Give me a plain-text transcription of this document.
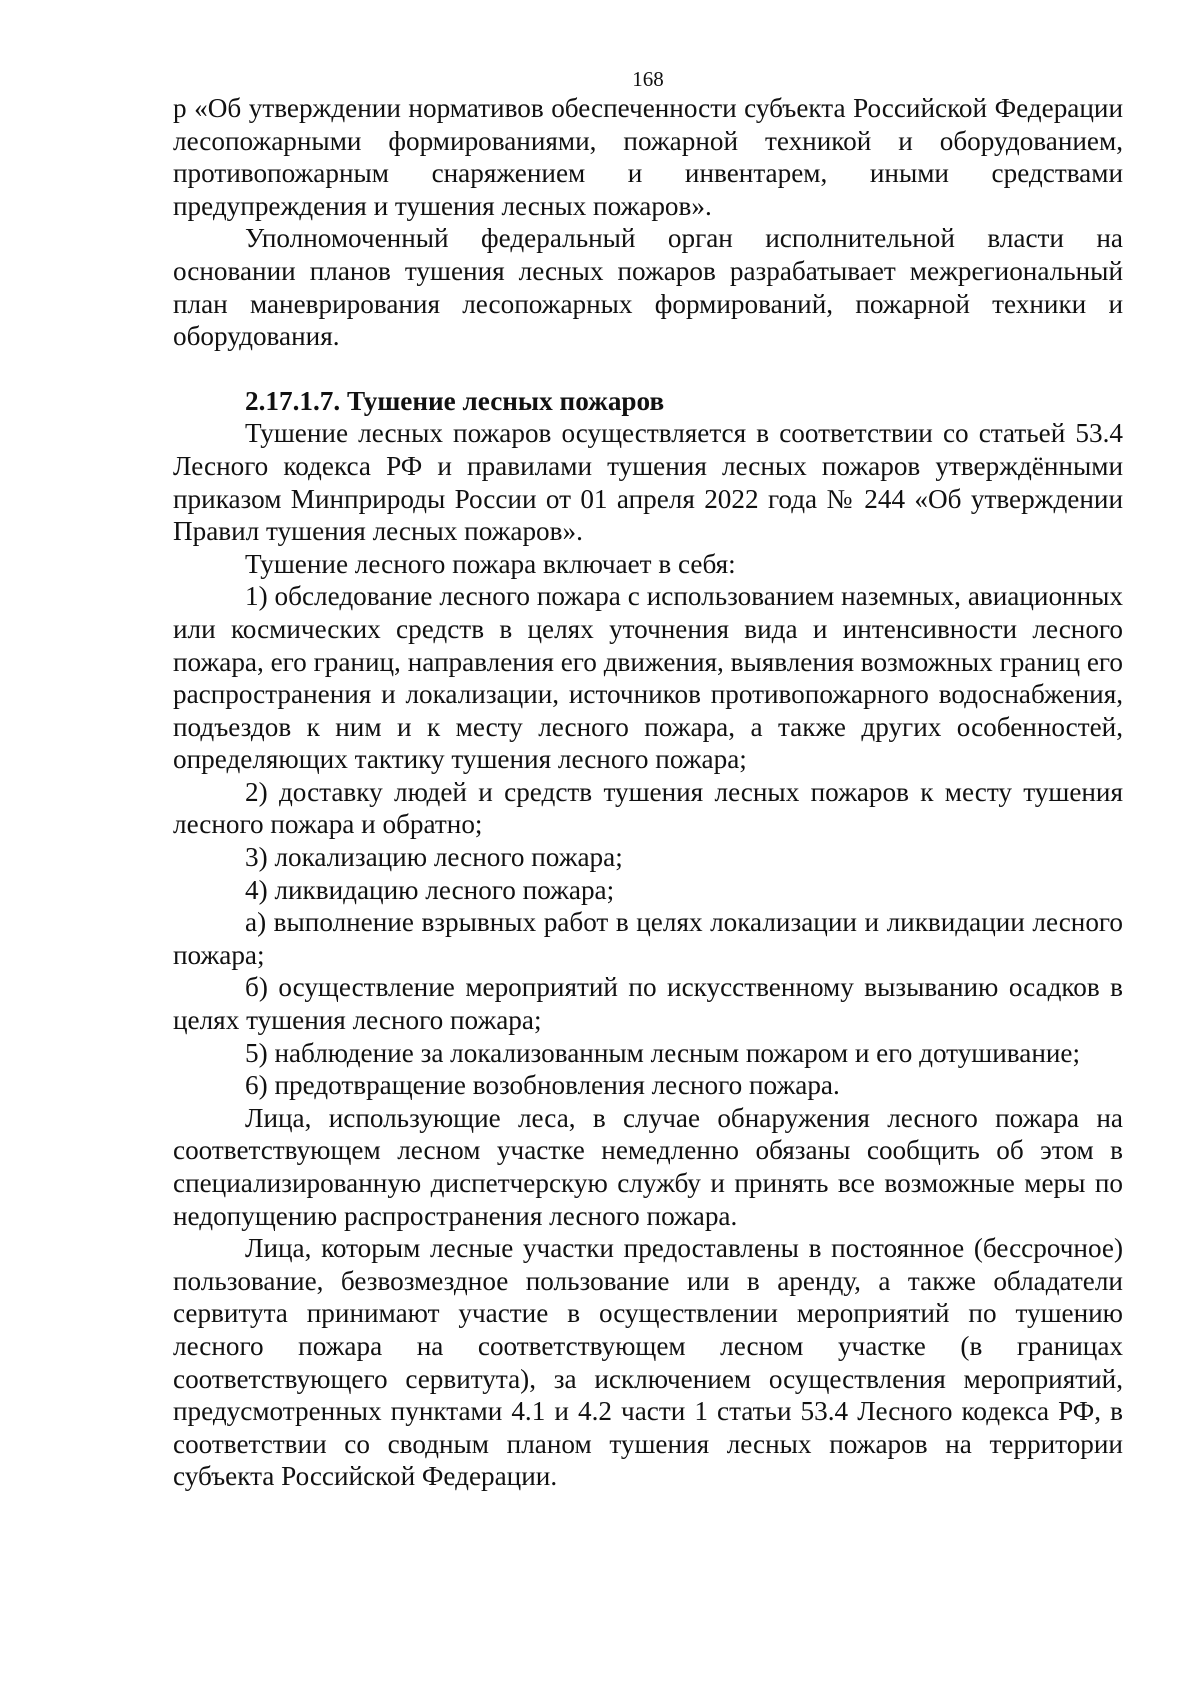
168

р «Об утверждении нормативов обеспеченности субъекта Российской Федерации лесопожарными формированиями, пожарной техникой и оборудованием, противопожарным снаряжением и инвентарем, иными средствами предупреждения и тушения лесных пожаров».

Уполномоченный федеральный орган исполнительной власти на основании планов тушения лесных пожаров разрабатывает межрегиональный план маневрирования лесопожарных формирований, пожарной техники и оборудования.

2.17.1.7. Тушение лесных пожаров

Тушение лесных пожаров осуществляется в соответствии со статьей 53.4 Лесного кодекса РФ и правилами тушения лесных пожаров утверждёнными приказом Минприроды России от 01 апреля 2022 года № 244 «Об утверждении Правил тушения лесных пожаров».

Тушение лесного пожара включает в себя:

1) обследование лесного пожара с использованием наземных, авиационных или космических средств в целях уточнения вида и интенсивности лесного пожара, его границ, направления его движения, выявления возможных границ его распространения и локализации, источников противопожарного водоснабжения, подъездов к ним и к месту лесного пожара, а также других особенностей, определяющих тактику тушения лесного пожара;

2) доставку людей и средств тушения лесных пожаров к месту тушения лесного пожара и обратно;

3) локализацию лесного пожара;

4) ликвидацию лесного пожара;

а) выполнение взрывных работ в целях локализации и ликвидации лесного пожара;

б) осуществление мероприятий по искусственному вызыванию осадков в целях тушения лесного пожара;

5) наблюдение за локализованным лесным пожаром и его дотушивание;

6) предотвращение возобновления лесного пожара.

Лица, использующие леса, в случае обнаружения лесного пожара на соответствующем лесном участке немедленно обязаны сообщить об этом в специализированную диспетчерскую службу и принять все возможные меры по недопущению распространения лесного пожара.

Лица, которым лесные участки предоставлены в постоянное (бессрочное) пользование, безвозмездное пользование или в аренду, а также обладатели сервитута принимают участие в осуществлении мероприятий по тушению лесного пожара на соответствующем лесном участке (в границах соответствующего сервитута), за исключением осуществления мероприятий, предусмотренных пунктами 4.1 и 4.2 части 1 статьи 53.4 Лесного кодекса РФ, в соответствии со сводным планом тушения лесных пожаров на территории субъекта Российской Федерации.
